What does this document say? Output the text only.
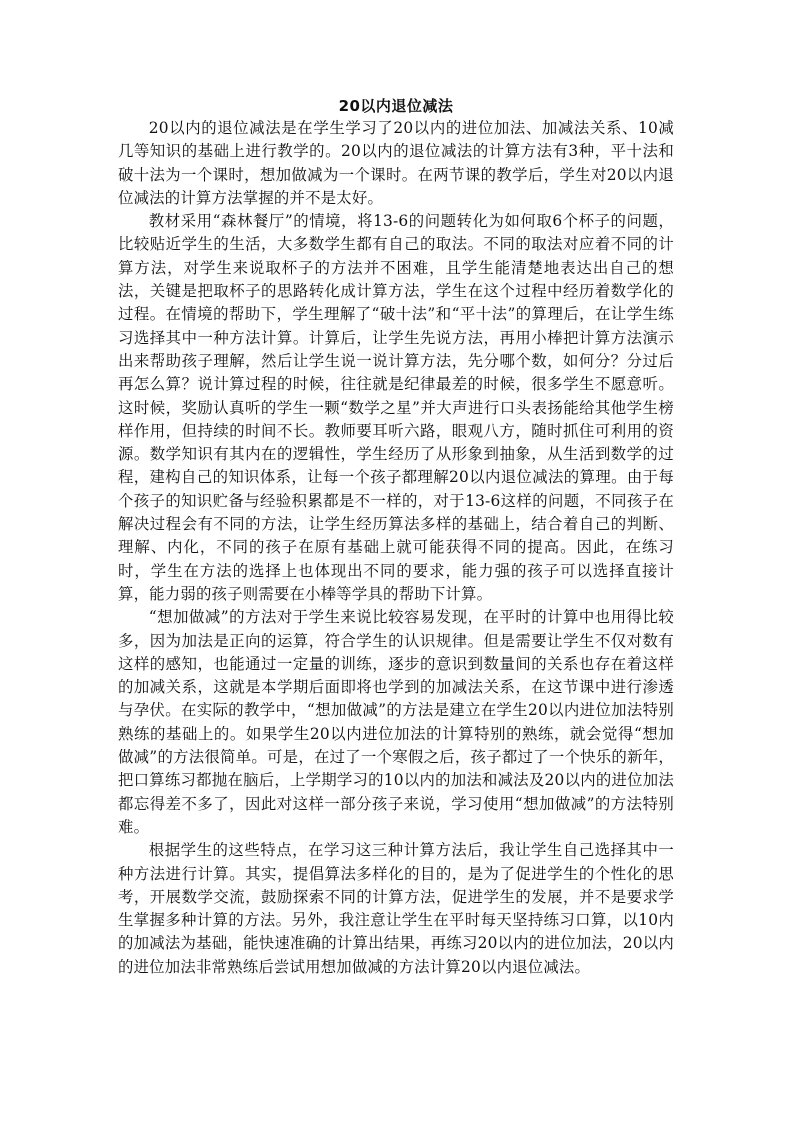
20以内退位减法

20以内的退位减法是在学生学习了20以内的进位加法、加减法关系、10减几等知识的基础上进行教学的。20以内的退位减法的计算方法有3种，平十法和破十法为一个课时，想加做减为一个课时。在两节课的教学后，学生对20以内退位减法的计算方法掌握的并不是太好。

教材采用“森林餐厅”的情境，将13-6的问题转化为如何取6个杯子的问题，比较贴近学生的生活，大多数学生都有自己的取法。不同的取法对应着不同的计算方法，对学生来说取杯子的方法并不困难，且学生能清楚地表达出自己的想法，关键是把取杯子的思路转化成计算方法，学生在这个过程中经历着数学化的过程。在情境的帮助下，学生理解了“破十法”和“平十法”的算理后，在让学生练习选择其中一种方法计算。计算后，让学生先说方法，再用小棒把计算方法演示出来帮助孩子理解，然后让学生说一说计算方法，先分哪个数，如何分？分过后再怎么算？说计算过程的时候，往往就是纪律最差的时候，很多学生不愿意听。这时候，奖励认真听的学生一颗“数学之星”并大声进行口头表扬能给其他学生榜样作用，但持续的时间不长。教师要耳听六路，眼观八方，随时抓住可利用的资源。数学知识有其内在的逻辑性，学生经历了从形象到抽象，从生活到数学的过程，建构自己的知识体系，让每一个孩子都理解20以内退位减法的算理。由于每个孩子的知识贮备与经验积累都是不一样的，对于13-6这样的问题，不同孩子在解决过程会有不同的方法，让学生经历算法多样的基础上，结合着自己的判断、理解、内化，不同的孩子在原有基础上就可能获得不同的提高。因此，在练习时，学生在方法的选择上也体现出不同的要求，能力强的孩子可以选择直接计算，能力弱的孩子则需要在小棒等学具的帮助下计算。

“想加做减”的方法对于学生来说比较容易发现，在平时的计算中也用得比较多，因为加法是正向的运算，符合学生的认识规律。但是需要让学生不仅对数有这样的感知，也能通过一定量的训练，逐步的意识到数量间的关系也存在着这样的加减关系，这就是本学期后面即将也学到的加减法关系，在这节课中进行渗透与孕伏。在实际的教学中，“想加做减”的方法是建立在学生20以内进位加法特别熟练的基础上的。如果学生20以内进位加法的计算特别的熟练，就会觉得“想加做减”的方法很简单。可是，在过了一个寒假之后，孩子都过了一个快乐的新年，把口算练习都抛在脑后，上学期学习的10以内的加法和减法及20以内的进位加法都忘得差不多了，因此对这样一部分孩子来说，学习使用“想加做减”的方法特别难。

根据学生的这些特点，在学习这三种计算方法后，我让学生自己选择其中一种方法进行计算。其实，提倡算法多样化的目的，是为了促进学生的个性化的思考，开展数学交流，鼓励探索不同的计算方法，促进学生的发展，并不是要求学生掌握多种计算的方法。另外，我注意让学生在平时每天坚持练习口算，以10内的加减法为基础，能快速准确的计算出结果，再练习20以内的进位加法，20以内的进位加法非常熟练后尝试用想加做减的方法计算20以内退位减法。
